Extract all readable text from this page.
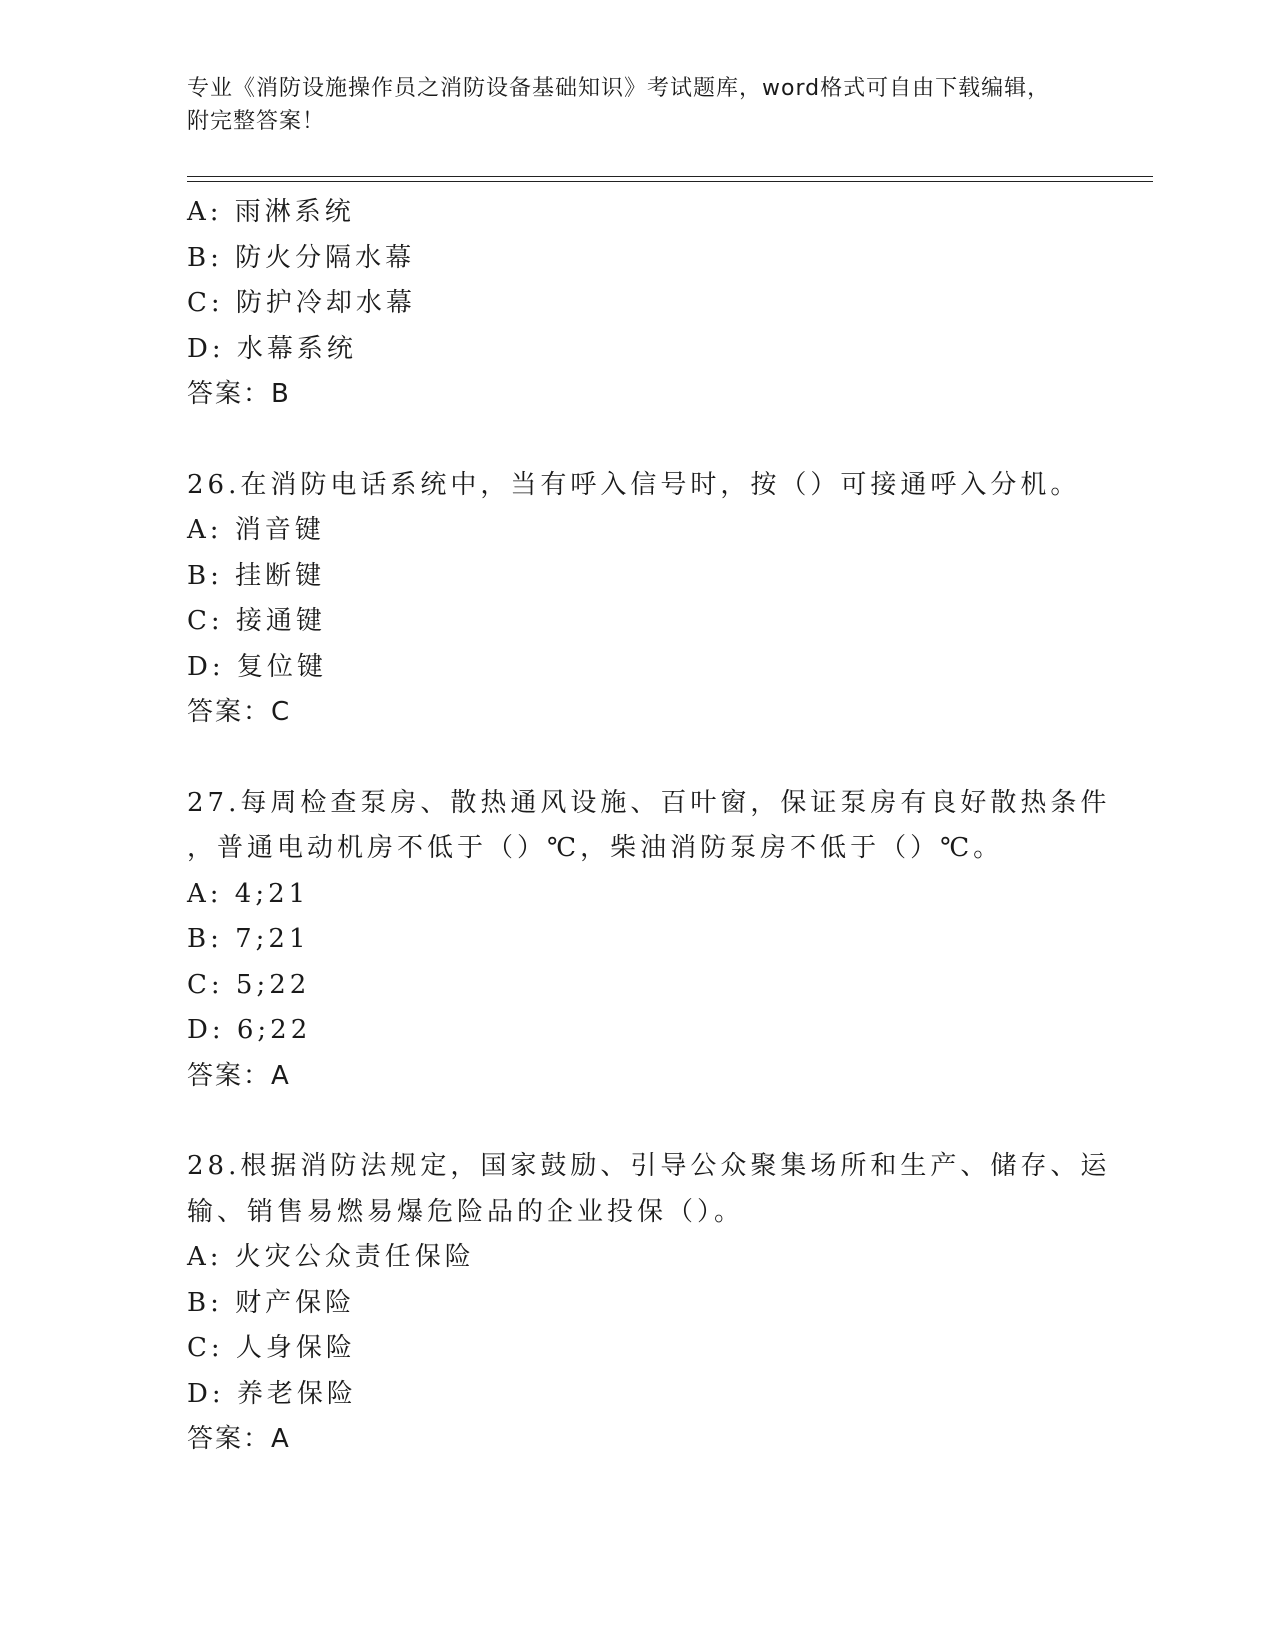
专业《消防设施操作员之消防设备基础知识》考试题库，word格式可自由下载编辑，附完整答案！
A: 雨淋系统
B: 防火分隔水幕
C: 防护冷却水幕
D: 水幕系统
答案：B
26.在消防电话系统中，当有呼入信号时，按（）可接通呼入分机。
A: 消音键
B: 挂断键
C: 接通键
D: 复位键
答案：C
27.每周检查泵房、散热通风设施、百叶窗，保证泵房有良好散热条件
，普通电动机房不低于（）℃，柴油消防泵房不低于（）℃。
A: 4;21
B: 7;21
C: 5;22
D: 6;22
答案：A
28.根据消防法规定，国家鼓励、引导公众聚集场所和生产、储存、运
输、销售易燃易爆危险品的企业投保（）。
A: 火灾公众责任保险
B: 财产保险
C: 人身保险
D: 养老保险
答案：A
